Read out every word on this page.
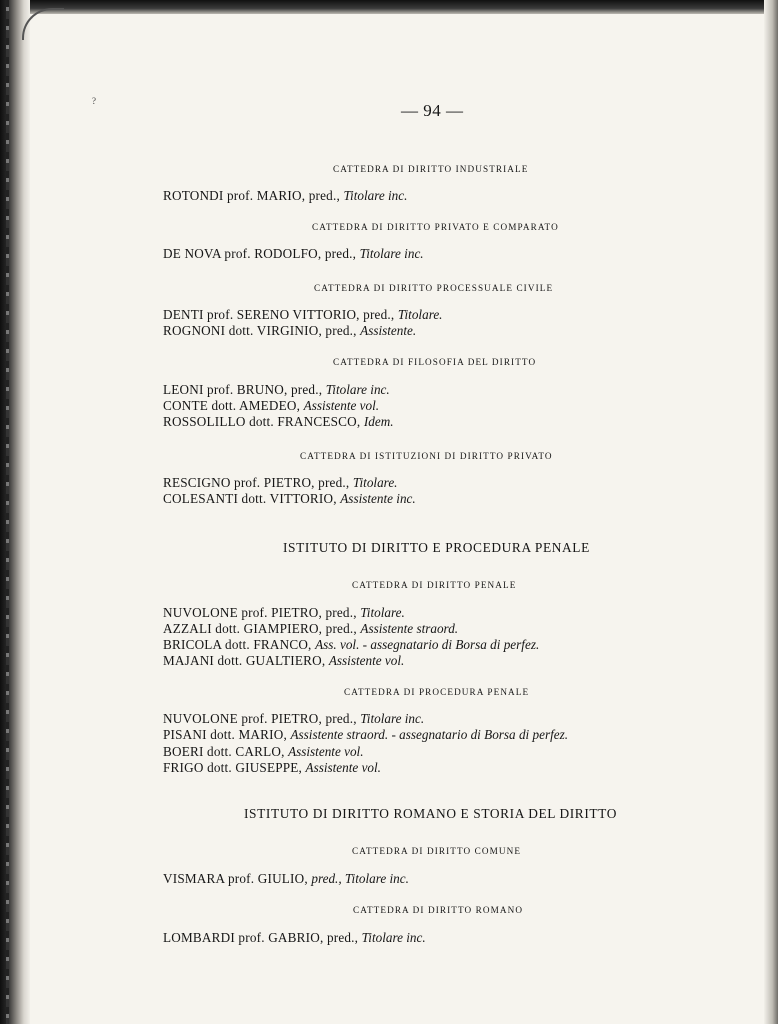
?	— 94 —
CATTEDRA DI DIRITTO INDUSTRIALE
ROTONDI prof. MARIO, pred., Titolare inc.
CATTEDRA DI DIRITTO PRIVATO E COMPARATO
DE NOVA prof. RODOLFO, pred., Titolare inc.
CATTEDRA DI DIRITTO PROCESSUALE CIVILE
DENTI prof. SERENO VITTORIO, pred., Titolare.
ROGNONI dott. VIRGINIO, pred., Assistente.
CATTEDRA DI FILOSOFIA DEL DIRITTO
LEONI prof. BRUNO, pred., Titolare inc.
CONTE dott. AMEDEO, Assistente vol.
ROSSOLILLO dott. FRANCESCO, Idem.
CATTEDRA DI ISTITUZIONI DI DIRITTO PRIVATO
RESCIGNO prof. PIETRO, pred., Titolare.
COLESANTI dott. VITTORIO, Assistente inc.
ISTITUTO DI DIRITTO E PROCEDURA PENALE
CATTEDRA DI DIRITTO PENALE
NUVOLONE prof. PIETRO, pred., Titolare.
AZZALI dott. GIAMPIERO, pred., Assistente straord.
BRICOLA dott. FRANCO, Ass. vol. - assegnatario di Borsa di perfez.
MAJANI dott. GUALTIERO, Assistente vol.
CATTEDRA DI PROCEDURA PENALE
NUVOLONE prof. PIETRO, pred., Titolare inc.
PISANI dott. MARIO, Assistente straord. - assegnatario di Borsa di perfez.
BOERI dott. CARLO, Assistente vol.
FRIGO dott. GIUSEPPE, Assistente vol.
ISTITUTO DI DIRITTO ROMANO E STORIA DEL DIRITTO
CATTEDRA DI DIRITTO COMUNE
VISMARA prof. GIULIO, pred., Titolare inc.
CATTEDRA DI DIRITTO ROMANO
LOMBARDI prof. GABRIO, pred., Titolare inc.
